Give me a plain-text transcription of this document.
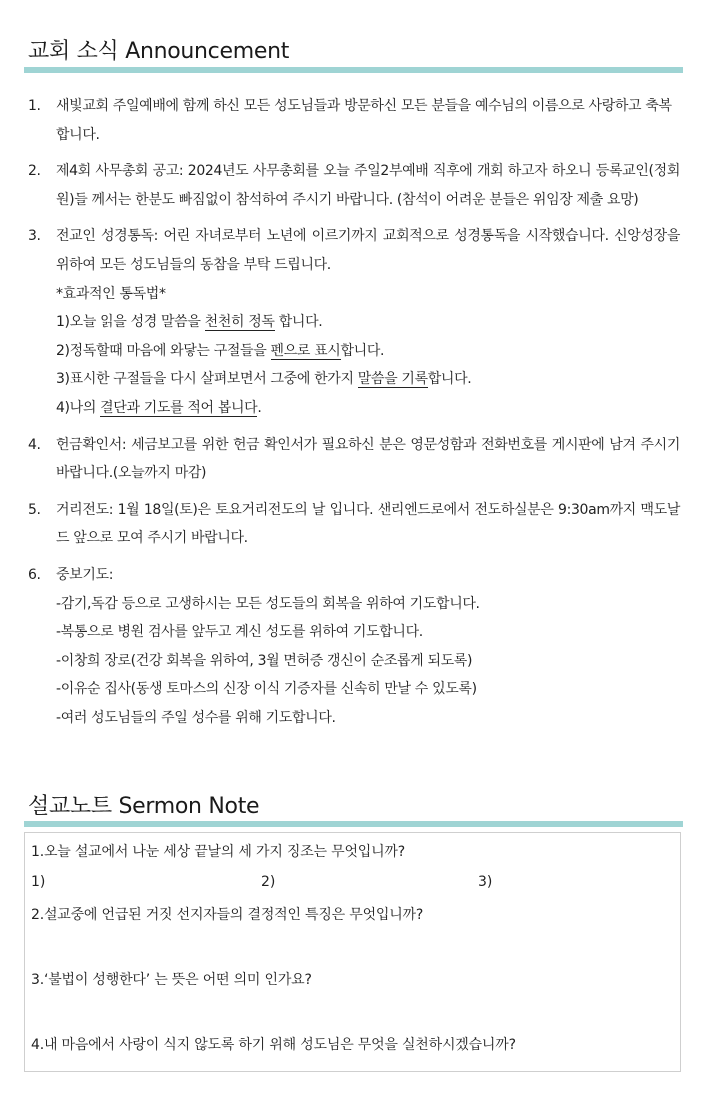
교회 소식 Announcement
1. 새빛교회 주일예배에 함께 하신 모든 성도님들과 방문하신 모든 분들을 예수님의 이름으로 사랑하고 축복합니다.
2. 제4회 사무총회 공고: 2024년도 사무총회를 오늘 주일2부예배 직후에 개회 하고자 하오니 등록교인(정회원)들 께서는 한분도 빠짐없이 참석하여 주시기 바랍니다. (참석이 어려운 분들은 위임장 제출 요망)
3. 전교인 성경통독: 어린 자녀로부터 노년에 이르기까지 교회적으로 성경통독을 시작했습니다. 신앙성장을 위하여 모든 성도님들의 동참을 부탁 드립니다.
*효과적인 통독법*
1)오늘 읽을 성경 말씀을 천천히 정독 합니다.
2)정독할때 마음에 와닿는 구절들을 펜으로 표시합니다.
3)표시한 구절들을 다시 살펴보면서 그중에 한가지 말씀을 기록합니다.
4)나의 결단과 기도를 적어 봅니다.
4. 헌금확인서: 세금보고를 위한 헌금 확인서가 필요하신 분은 영문성함과 전화번호를 게시판에 남겨 주시기 바랍니다.(오늘까지 마감)
5. 거리전도: 1월 18일(토)은 토요거리전도의 날 입니다. 샌리엔드로에서 전도하실분은 9:30am까지 맥도날드 앞으로 모여 주시기 바랍니다.
6. 중보기도:
-감기,독감 등으로 고생하시는 모든 성도들의 회복을 위하여 기도합니다.
-복통으로 병원 검사를 앞두고 계신 성도를 위하여 기도합니다.
-이창희 장로(건강 회복을 위하여, 3월 면허증 갱신이 순조롭게 되도록)
-이유순 집사(동생 토마스의 신장 이식 기증자를 신속히 만날 수 있도록)
-여러 성도님들의 주일 성수를 위해 기도합니다.
설교노트 Sermon Note
1.오늘 설교에서 나눈 세상 끝날의 세 가지 징조는 무엇입니까?
1)	2)	3)
2.설교중에 언급된 거짓 선지자들의 결정적인 특징은 무엇입니까?
3.‘불법이 성행한다’ 는 뜻은 어떤 의미 인가요?
4.내 마음에서 사랑이 식지 않도록 하기 위해 성도님은 무엇을 실천하시겠습니까?
